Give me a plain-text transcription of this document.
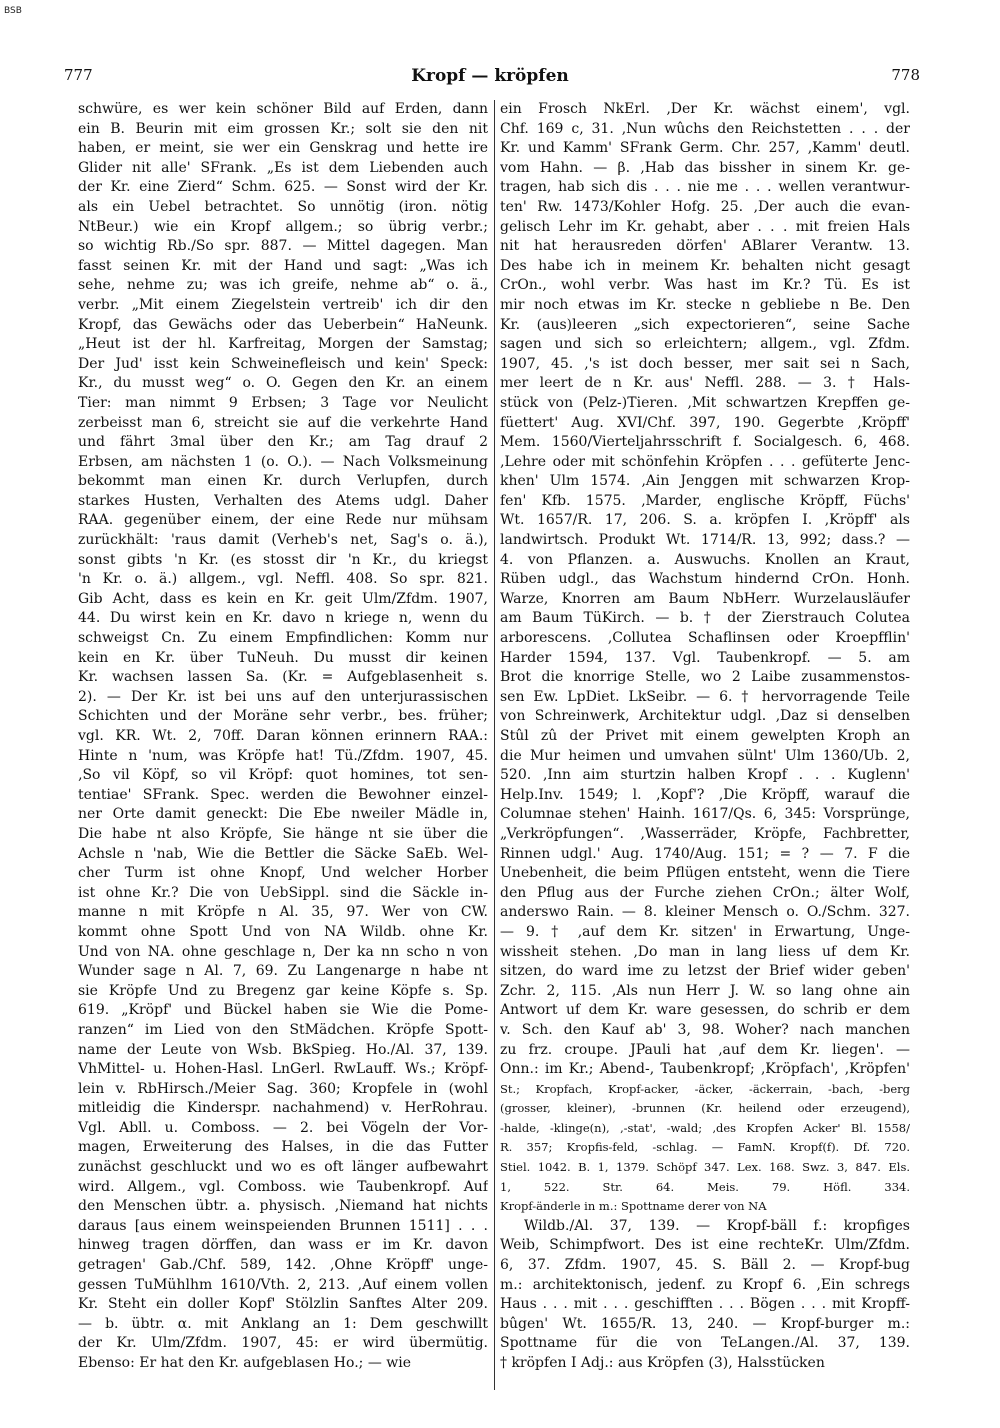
BSB
777	Kropf — kröpfen	778
schwüre, es wer kein schöner Bild auf Erden, dann
ein B. Beurin mit eim grossen Kr.; solt sie den nit
haben, er meint, sie wer ein Genskrag und hette ire
Glider nit alle' SFrank. „Es ist dem Liebenden auch
der Kr. eine Zierd“ Schm. 625. — Sonst wird der Kr.
als ein Uebel betrachtet. So unnötig (iron. nötig
NtBeur.) wie ein Kropf allgem.; so übrig verbr.;
so wichtig Rb./So spr. 887. — Mittel dagegen. Man
fasst seinen Kr. mit der Hand und sagt: „Was ich
sehe, nehme zu; was ich greife, nehme ab“ o. ä.,
verbr. „Mit einem Ziegelstein vertreib' ich dir den
Kropf, das Gewächs oder das Ueberbein“ HaNeunk.
„Heut ist der hl. Karfreitag, Morgen der Samstag;
Der Jud' isst kein Schweinefleisch und kein' Speck:
Kr., du musst weg“ o. O. Gegen den Kr. an einem
Tier: man nimmt 9 Erbsen; 3 Tage vor Neulicht
zerbeisst man 6, streicht sie auf die verkehrte Hand
und fährt 3mal über den Kr.; am Tag drauf 2
Erbsen, am nächsten 1 (o. O.). — Nach Volksmeinung
bekommt man einen Kr. durch Verlupfen, durch
starkes Husten, Verhalten des Atems udgl. Daher
RAA. gegenüber einem, der eine Rede nur mühsam
zurückhält: 'raus damit (Verheb's net, Sag's o. ä.),
sonst gibts 'n Kr. (es stosst dir 'n Kr., du kriegst
'n Kr. o. ä.) allgem., vgl. Neffl. 408. So spr. 821.
Gib Acht, dass es kein en Kr. geit Ulm/Zfdm. 1907,
44. Du wirst kein en Kr. davo n kriege n, wenn du
schweigst Cn. Zu einem Empfindlichen: Komm nur
kein en Kr. über TuNeuh. Du musst dir keinen
Kr. wachsen lassen Sa. (Kr. = Aufgeblasenheit s.
2). — Der Kr. ist bei uns auf den unterjurassischen
Schichten und der Moräne sehr verbr., bes. früher;
vgl. KR. Wt. 2, 70ff. Daran können erinnern RAA.:
Hinte n 'num, was Kröpfe hat! Tü./Zfdm. 1907, 45.
‚So vil Köpf, so vil Kröpf: quot homines, tot sen-
tentiae' SFrank. Spec. werden die Bewohner einzel-
ner Orte damit geneckt: Die Ebe nweiler Mädle in,
Die habe nt also Kröpfe, Sie hänge nt sie über die
Achsle n 'nab, Wie die Bettler die Säcke SaEb. Wel-
cher Turm ist ohne Knopf, Und welcher Horber
ist ohne Kr.? Die von UebSippl. sind die Säckle in-
manne n mit Kröpfe n Al. 35, 97. Wer von CW.
kommt ohne Spott Und von NA Wildb. ohne Kr.
Und von NA. ohne geschlage n, Der ka nn scho n von
Wunder sage n Al. 7, 69. Zu Langenarge n habe nt
sie Kröpfe Und zu Bregenz gar keine Köpfe s. Sp.
619. „Kröpf' und Bückel haben sie Wie die Pome-
ranzen“ im Lied von den StMädchen. Kröpfe Spott-
name der Leute von Wsb. BkSpieg. Ho./Al. 37, 139.
VhMittel- u. Hohen-Hasl. LnGerl. RwLauff. Ws.; Kröpf-
lein v. RbHirsch./Meier Sag. 360; Kropfele in (wohl
mitleidig die Kinderspr. nachahmend) v. HerRohrau.
Vgl. Abll. u. Comboss. — 2. bei Vögeln der Vor-
magen, Erweiterung des Halses, in die das Futter
zunächst geschluckt und wo es oft länger aufbewahrt
wird. Allgem., vgl. Comboss. wie Taubenkropf. Auf
den Menschen übtr. a. physisch. ‚Niemand hat nichts
daraus [aus einem weinspeienden Brunnen 1511] . . .
hinweg tragen dörffen, dan wass er im Kr. davon
getragen' Gab./Chf. 589, 142. ‚Ohne Kröpff' unge-
gessen TuMühlhm 1610/Vth. 2, 213. ‚Auf einem vollen
Kr. Steht ein doller Kopf' Stölzlin Sanftes Alter 209.
— b. übtr. α. mit Anklang an 1: Dem geschwillt
der Kr. Ulm/Zfdm. 1907, 45: er wird übermütig.
Ebenso: Er hat den Kr. aufgeblasen Ho.; — wie
ein Frosch NkErl. ‚Der Kr. wächst einem', vgl.
Chf. 169 c, 31. ‚Nun wûchs den Reichstetten . . . der
Kr. und Kamm' SFrank Germ. Chr. 257, ‚Kamm' deutl.
vom Hahn. — β. ‚Hab das bissher in sinem Kr. ge-
tragen, hab sich dis . . . nie me . . . wellen verantwur-
ten' Rw. 1473/Kohler Hofg. 25. ‚Der auch die evan-
gelisch Lehr im Kr. gehabt, aber . . . mit freien Hals
nit hat herausreden dörfen' ABlarer Verantw. 13.
Des habe ich in meinem Kr. behalten nicht gesagt
CrOn., wohl verbr. Was hast im Kr.? Tü. Es ist
mir noch etwas im Kr. stecke n gebliebe n Be. Den
Kr. (aus)leeren „sich expectorieren“, seine Sache
sagen und sich so erleichtern; allgem., vgl. Zfdm.
1907, 45. ‚'s ist doch besser, mer sait sei n Sach,
mer leert de n Kr. aus' Neffl. 288. — 3. † Hals-
stück von (Pelz-)Tieren. ‚Mit schwartzen Krepffen ge-
füettert' Aug. XVI/Chf. 397, 190. Gegerbte ‚Kröpff'
Mem. 1560/Vierteljahrsschrift f. Socialgesch. 6, 468.
‚Lehre oder mit schönfehin Kröpfen . . . gefüterte Jenc-
khen' Ulm 1574. ‚Ain Jenggen mit schwarzen Krop-
fen' Kfb. 1575. ‚Marder, englische Kröpff, Füchs'
Wt. 1657/R. 17, 206. S. a. kröpfen I. ‚Kröpff' als
landwirtsch. Produkt Wt. 1714/R. 13, 992; dass.? —
4. von Pflanzen. a. Auswuchs. Knollen an Kraut,
Rüben udgl., das Wachstum hindernd CrOn. Honh.
Warze, Knorren am Baum NbHerr. Wurzelausläufer
am Baum TüKirch. — b. † der Zierstrauch Colutea
arborescens. ‚Collutea Schaflinsen oder Kroepfflin'
Harder 1594, 137. Vgl. Taubenkropf. — 5. am
Brot die knorrige Stelle, wo 2 Laibe zusammenstos-
sen Ew. LpDiet. LkSeibr. — 6. † hervorragende Teile
von Schreinwerk, Architektur udgl. ‚Daz si denselben
Stûl zû der Privet mit einem gewelpten Kroph an
die Mur heimen und umvahen sülnt' Ulm 1360/Ub. 2,
520. ‚Inn aim sturtzin halben Kropf . . . Kuglenn'
Help.Inv. 1549; l. ‚Kopf'? ‚Die Kröpff, warauf die
Columnae stehen' Hainh. 1617/Qs. 6, 345: Vorsprünge,
„Verkröpfungen“. ‚Wasserräder, Kröpfe, Fachbretter,
Rinnen udgl.' Aug. 1740/Aug. 151; = ? — 7. F die
Unebenheit, die beim Pflügen entsteht, wenn die Tiere
den Pflug aus der Furche ziehen CrOn.; älter Wolf,
anderswo Rain. — 8. kleiner Mensch o. O./Schm. 327.
— 9. † ‚auf dem Kr. sitzen' in Erwartung, Unge-
wissheit stehen. ‚Do man in lang liess uf dem Kr.
sitzen, do ward ime zu letzst der Brief wider geben'
Zchr. 2, 115. ‚Als nun Herr J. W. so lang ohne ain
Antwort uf dem Kr. ware gesessen, do schrib er dem
v. Sch. den Kauf ab' 3, 98. Woher? nach manchen
zu frz. croupe. JPauli hat ‚auf dem Kr. liegen'. —
Onn.: im Kr.; Abend-, Taubenkropf; ‚Kröpfach', ‚Kröpfen'
St.; Kropfach, Kropf-acker, -äcker, -äckerrain, -bach, -berg
(grosser, kleiner), -brunnen (Kr. heilend oder erzeugend),
-halde, -klinge(n), ‚-stat', -wald; ‚des Kropfen Acker' Bl. 1558/
R. 357; Kropfis-feld, -schlag. — FamN. Kropf(f). Df. 720.
Stiel. 1042. B. 1, 1379. Schöpf 347. Lex. 168. Swz. 3, 847. Els.
1, 522. Str. 64. Meis. 79. Höfl. 334.
Kropf-änderle in m.: Spottname derer von NA
Wildb./Al. 37, 139. — Kropf-bäll f.: kropfiges
Weib, Schimpfwort. Des ist eine rechteKr. Ulm/Zfdm.
6, 37. Zfdm. 1907, 45. S. Bäll 2. — Kropf-bug
m.: architektonisch, jedenf. zu Kropf 6. ‚Ein schregs
Haus . . . mit . . . geschifften . . . Bögen . . . mit Kropff-
bûgen' Wt. 1655/R. 13, 240. — Kropf-burger m.:
Spottname für die von TeLangen./Al. 37, 139.
† kröpfen I Adj.: aus Kröpfen (3), Halsstücken
